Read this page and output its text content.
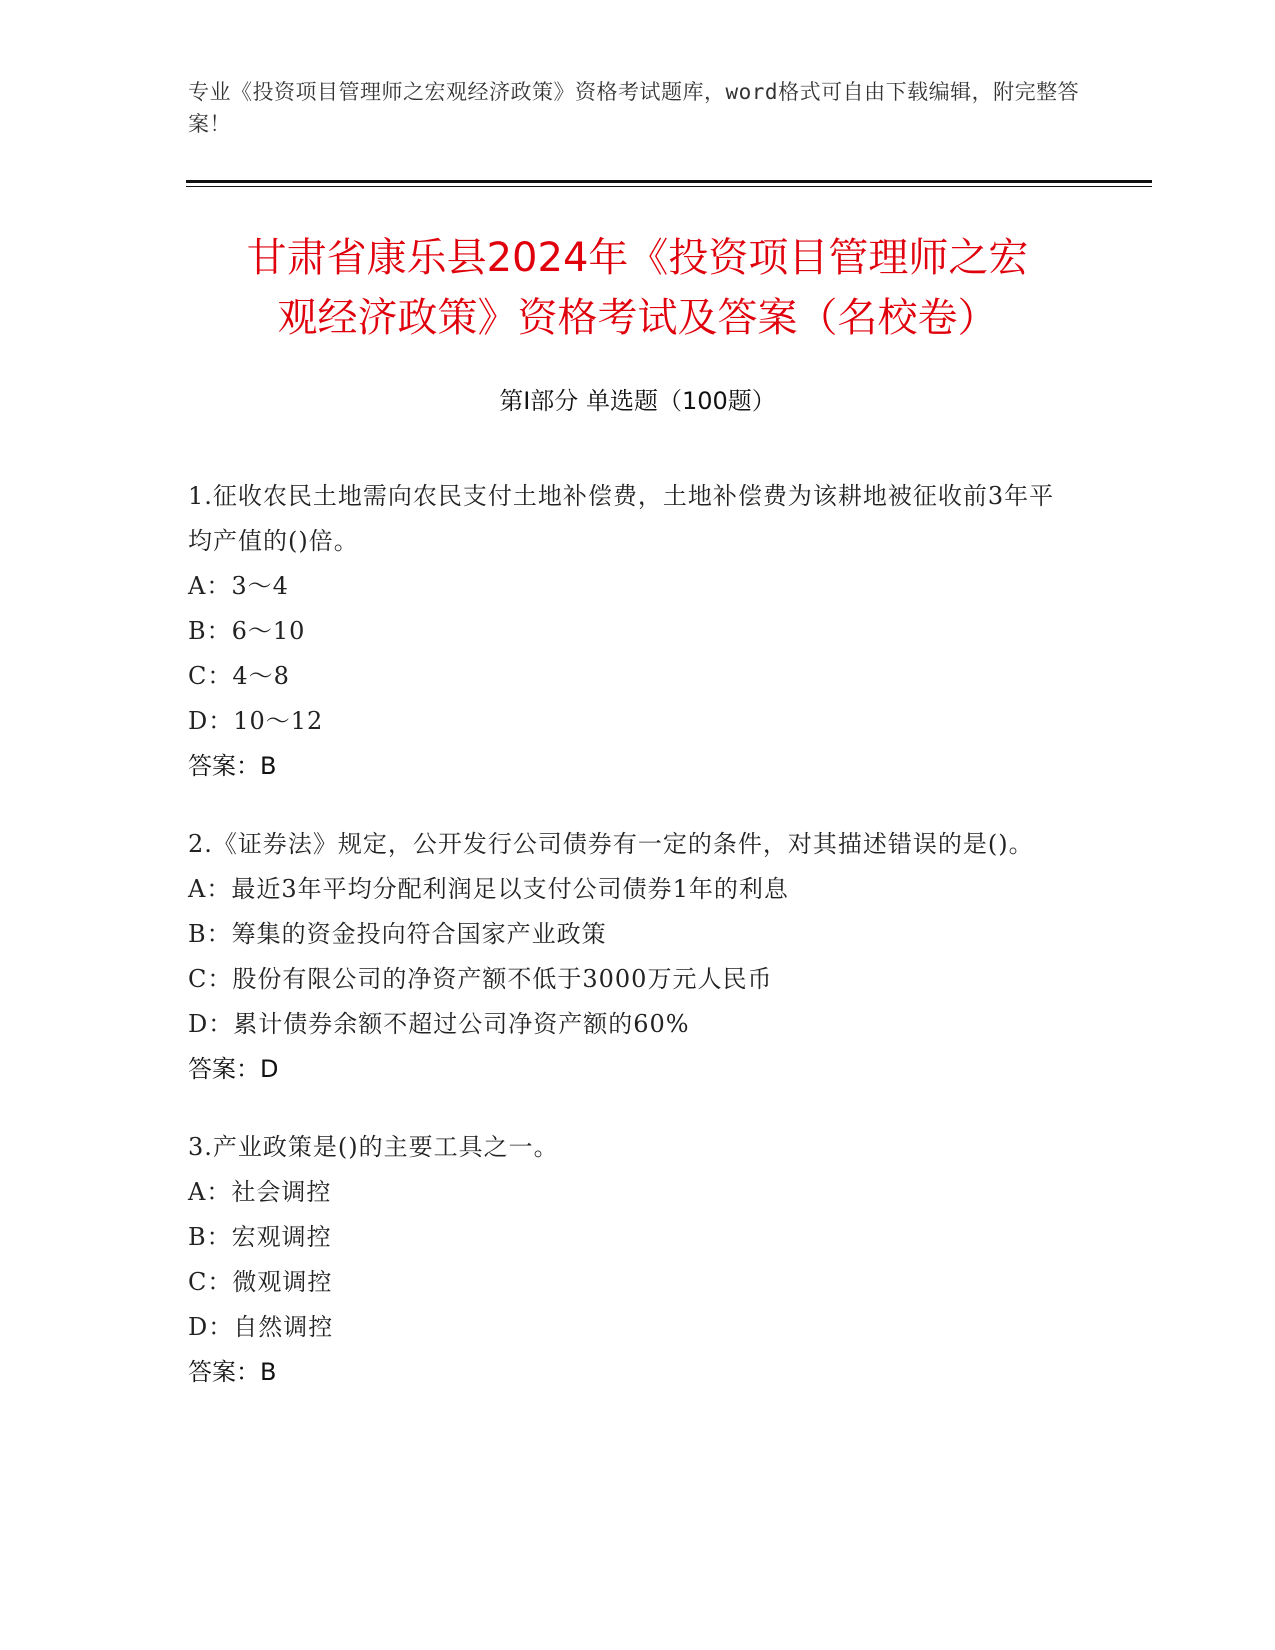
专业《投资项目管理师之宏观经济政策》资格考试题库，word格式可自由下载编辑，附完整答案！
甘肃省康乐县2024年《投资项目管理师之宏
观经济政策》资格考试及答案（名校卷）
第Ⅰ部分 单选题（100题）
1.征收农民土地需向农民支付土地补偿费，土地补偿费为该耕地被征收前3年平均产值的()倍。
A：3～4
B：6～10
C：4～8
D：10～12
答案：B
2.《证券法》规定，公开发行公司债券有一定的条件，对其描述错误的是()。
A：最近3年平均分配利润足以支付公司债券1年的利息
B：筹集的资金投向符合国家产业政策
C：股份有限公司的净资产额不低于3000万元人民币
D：累计债券余额不超过公司净资产额的60%
答案：D
3.产业政策是()的主要工具之一。
A：社会调控
B：宏观调控
C：微观调控
D：自然调控
答案：B
